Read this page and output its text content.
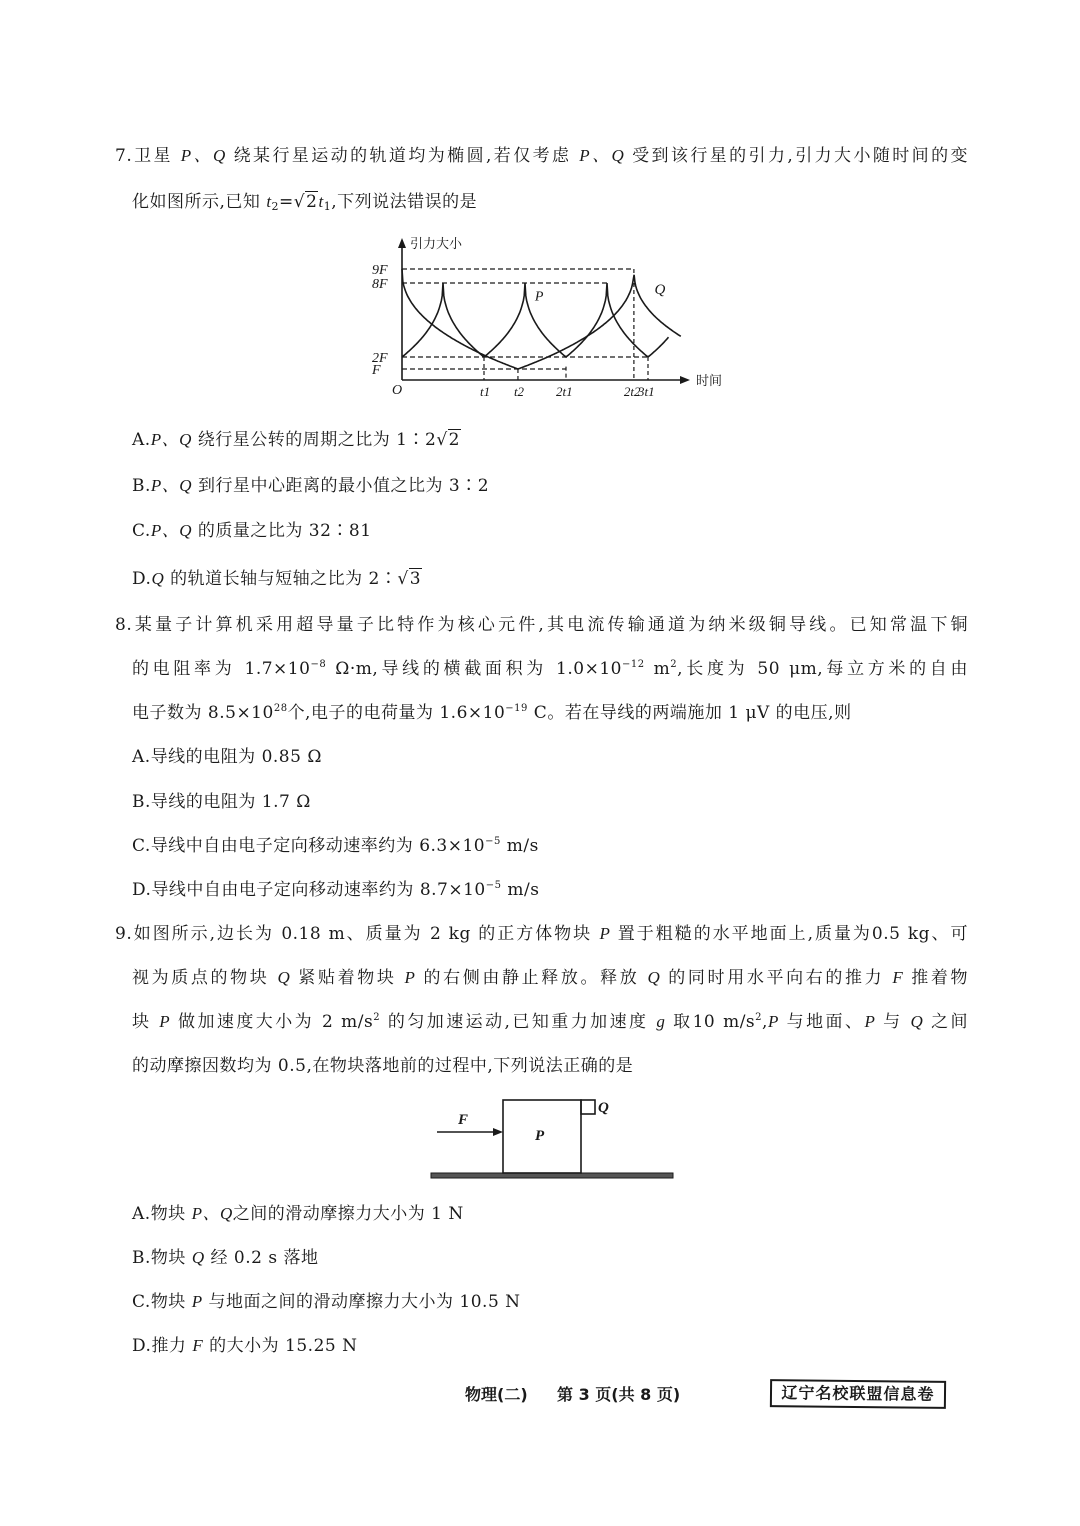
7.卫星 P、Q 绕某行星运动的轨道均为椭圆,若仅考虑 P、Q 受到该行星的引力,引力大小随时间的变
化如图所示,已知 $t_2=√2t_1$,下列说法错误的是
引力大小
时间
O
9F
8F
2F
F
t1 t2 2t1	2t2
3t1
P	Q
A.P、Q 绕行星公转的周期之比为 1∶2√2
B.P、Q 到行星中心距离的最小值之比为 3∶2
C.P、Q 的质量之比为 32∶81
D.Q 的轨道长轴与短轴之比为 2∶√3
8.某量子计算机采用超导量子比特作为核心元件,其电流传输通道为纳米级铜导线。已知常温下铜
的电阻率为 $1.7\times 10^{-8}$ Ω·m,导线的横截面积为 $1.0\times 10^{-12}$ $m^2$,长度为 50 μm,每立方米的自由
电子数为 $8.5\times 10^{28}$个,电子的电荷量为 $1.6\times 10^{-19}$ C。若在导线的两端施加 1 μV 的电压,则
A.导线的电阻为 0.85 Ω
B.导线的电阻为 1.7 Ω
C.导线中自由电子定向移动速率约为 $6.3\times 10^{-5}$ m/s
D.导线中自由电子定向移动速率约为 $8.7\times 10^{-5}$ m/s
9.如图所示,边长为 0.18 m、质量为 2 kg 的正方体物块 P 置于粗糙的水平地面上,质量为0.5 kg、可
视为质点的物块 Q 紧贴着物块 P 的右侧由静止释放。释放 Q 的同时用水平向右的推力 F 推着物
块 P 做加速度大小为 2 $m/s^2$ 的匀加速运动,已知重力加速度 g 取10 $m/s^2,P$ 与地面、P 与 Q 之间
的动摩擦因数均为 0.5,在物块落地前的过程中,下列说法正确的是
F
P
Q
A.物块 P、Q之间的滑动摩擦力大小为 1 N
B.物块 Q 经 0.2 s 落地
C.物块 P 与地面之间的滑动摩擦力大小为 10.5 N
D.推力 F 的大小为 15.25 N
物理(二) 第 3 页(共 8 页)	辽宁名校联盟信息卷
